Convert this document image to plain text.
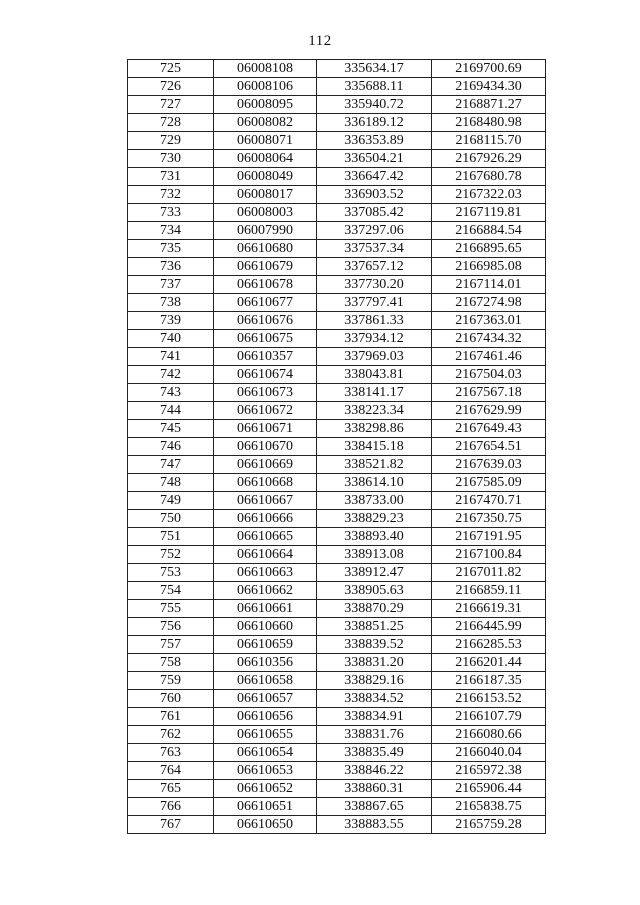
112
725	06008108	335634.17	2169700.69
726	06008106	335688.11	2169434.30
727	06008095	335940.72	2168871.27
728	06008082	336189.12	2168480.98
729	06008071	336353.89	2168115.70
730	06008064	336504.21	2167926.29
731	06008049	336647.42	2167680.78
732	06008017	336903.52	2167322.03
733	06008003	337085.42	2167119.81
734	06007990	337297.06	2166884.54
735	06610680	337537.34	2166895.65
736	06610679	337657.12	2166985.08
737	06610678	337730.20	2167114.01
738	06610677	337797.41	2167274.98
739	06610676	337861.33	2167363.01
740	06610675	337934.12	2167434.32
741	06610357	337969.03	2167461.46
742	06610674	338043.81	2167504.03
743	06610673	338141.17	2167567.18
744	06610672	338223.34	2167629.99
745	06610671	338298.86	2167649.43
746	06610670	338415.18	2167654.51
747	06610669	338521.82	2167639.03
748	06610668	338614.10	2167585.09
749	06610667	338733.00	2167470.71
750	06610666	338829.23	2167350.75
751	06610665	338893.40	2167191.95
752	06610664	338913.08	2167100.84
753	06610663	338912.47	2167011.82
754	06610662	338905.63	2166859.11
755	06610661	338870.29	2166619.31
756	06610660	338851.25	2166445.99
757	06610659	338839.52	2166285.53
758	06610356	338831.20	2166201.44
759	06610658	338829.16	2166187.35
760	06610657	338834.52	2166153.52
761	06610656	338834.91	2166107.79
762	06610655	338831.76	2166080.66
763	06610654	338835.49	2166040.04
764	06610653	338846.22	2165972.38
765	06610652	338860.31	2165906.44
766	06610651	338867.65	2165838.75
767	06610650	338883.55	2165759.28
